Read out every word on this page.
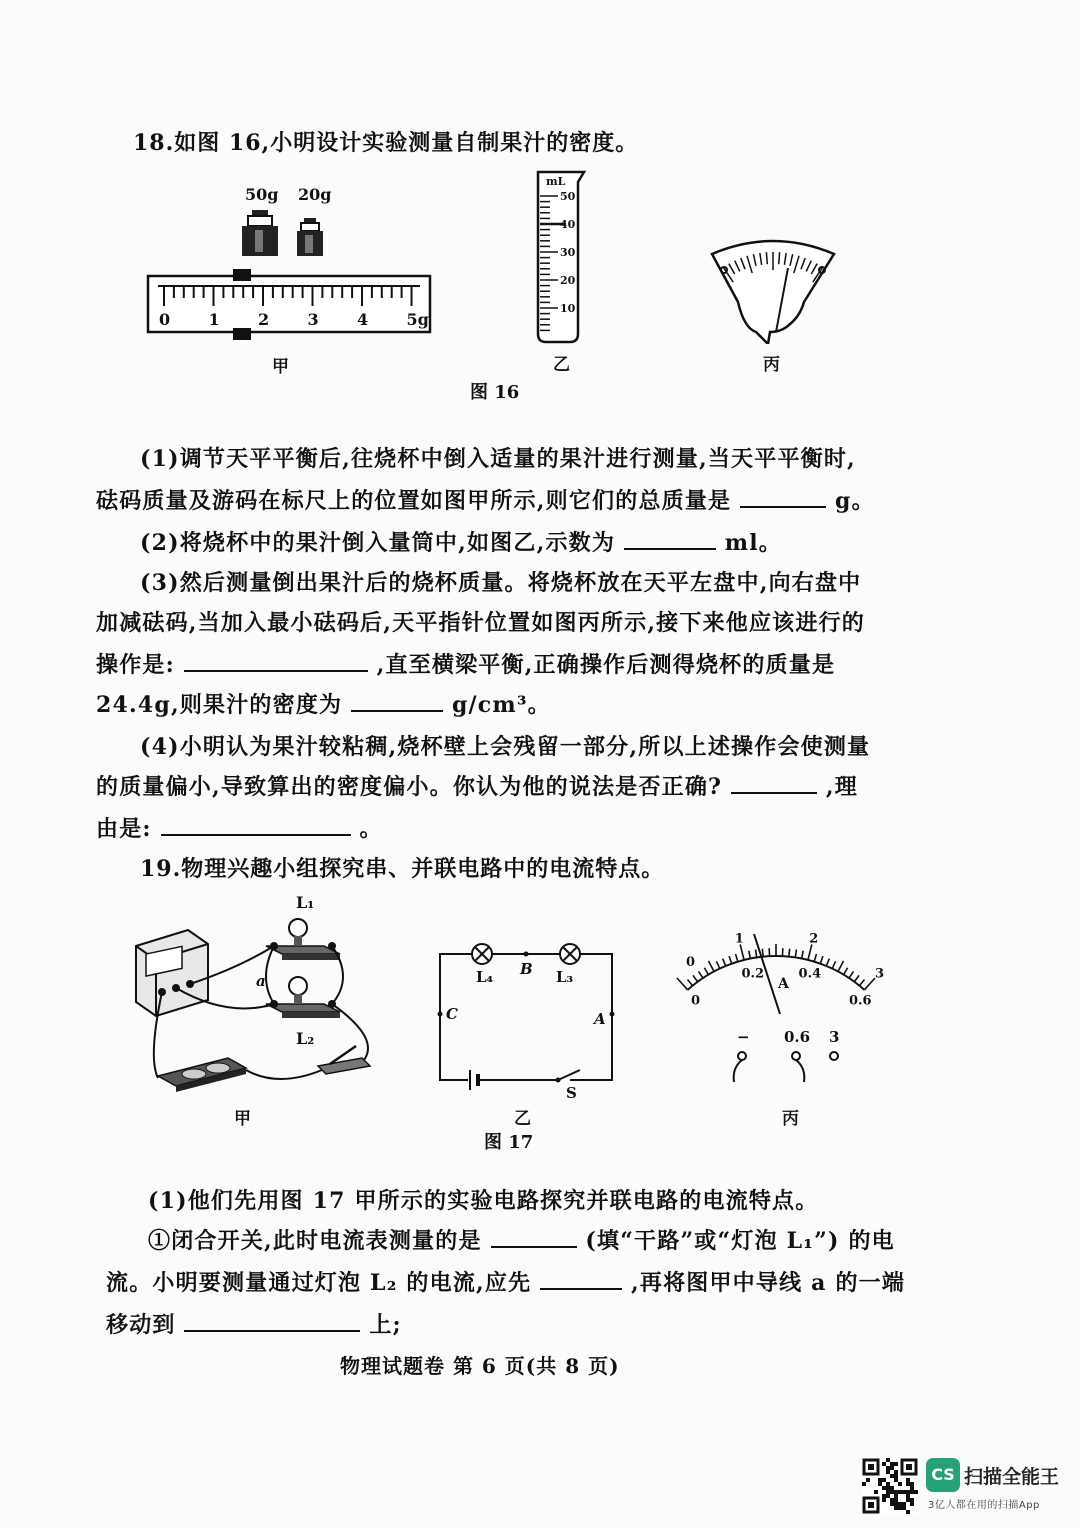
18.如图 16,小明设计实验测量自制果汁的密度。
50g 20g
0 1 2 3 4 5g
甲
mL
50
40
30
20
10
乙	丙
图 16
(1)调节天平平衡后,往烧杯中倒入适量的果汁进行测量,当天平平衡时,
砝码质量及游码在标尺上的位置如图甲所示,则它们的总质量是	g。
(2)将烧杯中的果汁倒入量筒中,如图乙,示数为	ml。
(3)然后测量倒出果汁后的烧杯质量。将烧杯放在天平左盘中,向右盘中
加减砝码,当加入最小砝码后,天平指针位置如图丙所示,接下来他应该进行的
操作是:	,直至横梁平衡,正确操作后测得烧杯的质量是
24.4g,则果汁的密度为	g/cm³。
(4)小明认为果汁较粘稠,烧杯壁上会残留一部分,所以上述操作会使测量
的质量偏小,导致算出的密度偏小。你认为他的说法是否正确?	,理
由是:	。
19.物理兴趣小组探究串、并联电路中的电流特点。
L₁
a
L₂
甲
L₄ B L₃
C	A
S
乙
0
1	2
3
0
0.2	0.4
0.6
A
− 0.6 3
丙
图 17
(1)他们先用图 17 甲所示的实验电路探究并联电路的电流特点。
①闭合开关,此时电流表测量的是	(填“干路”或“灯泡 L₁”) 的电
流。小明要测量通过灯泡 L₂ 的电流,应先	,再将图甲中导线 a 的一端
移动到	上;
物理试题卷 第 6 页(共 8 页)
CS 扫描全能王
3亿人都在用的扫描App
